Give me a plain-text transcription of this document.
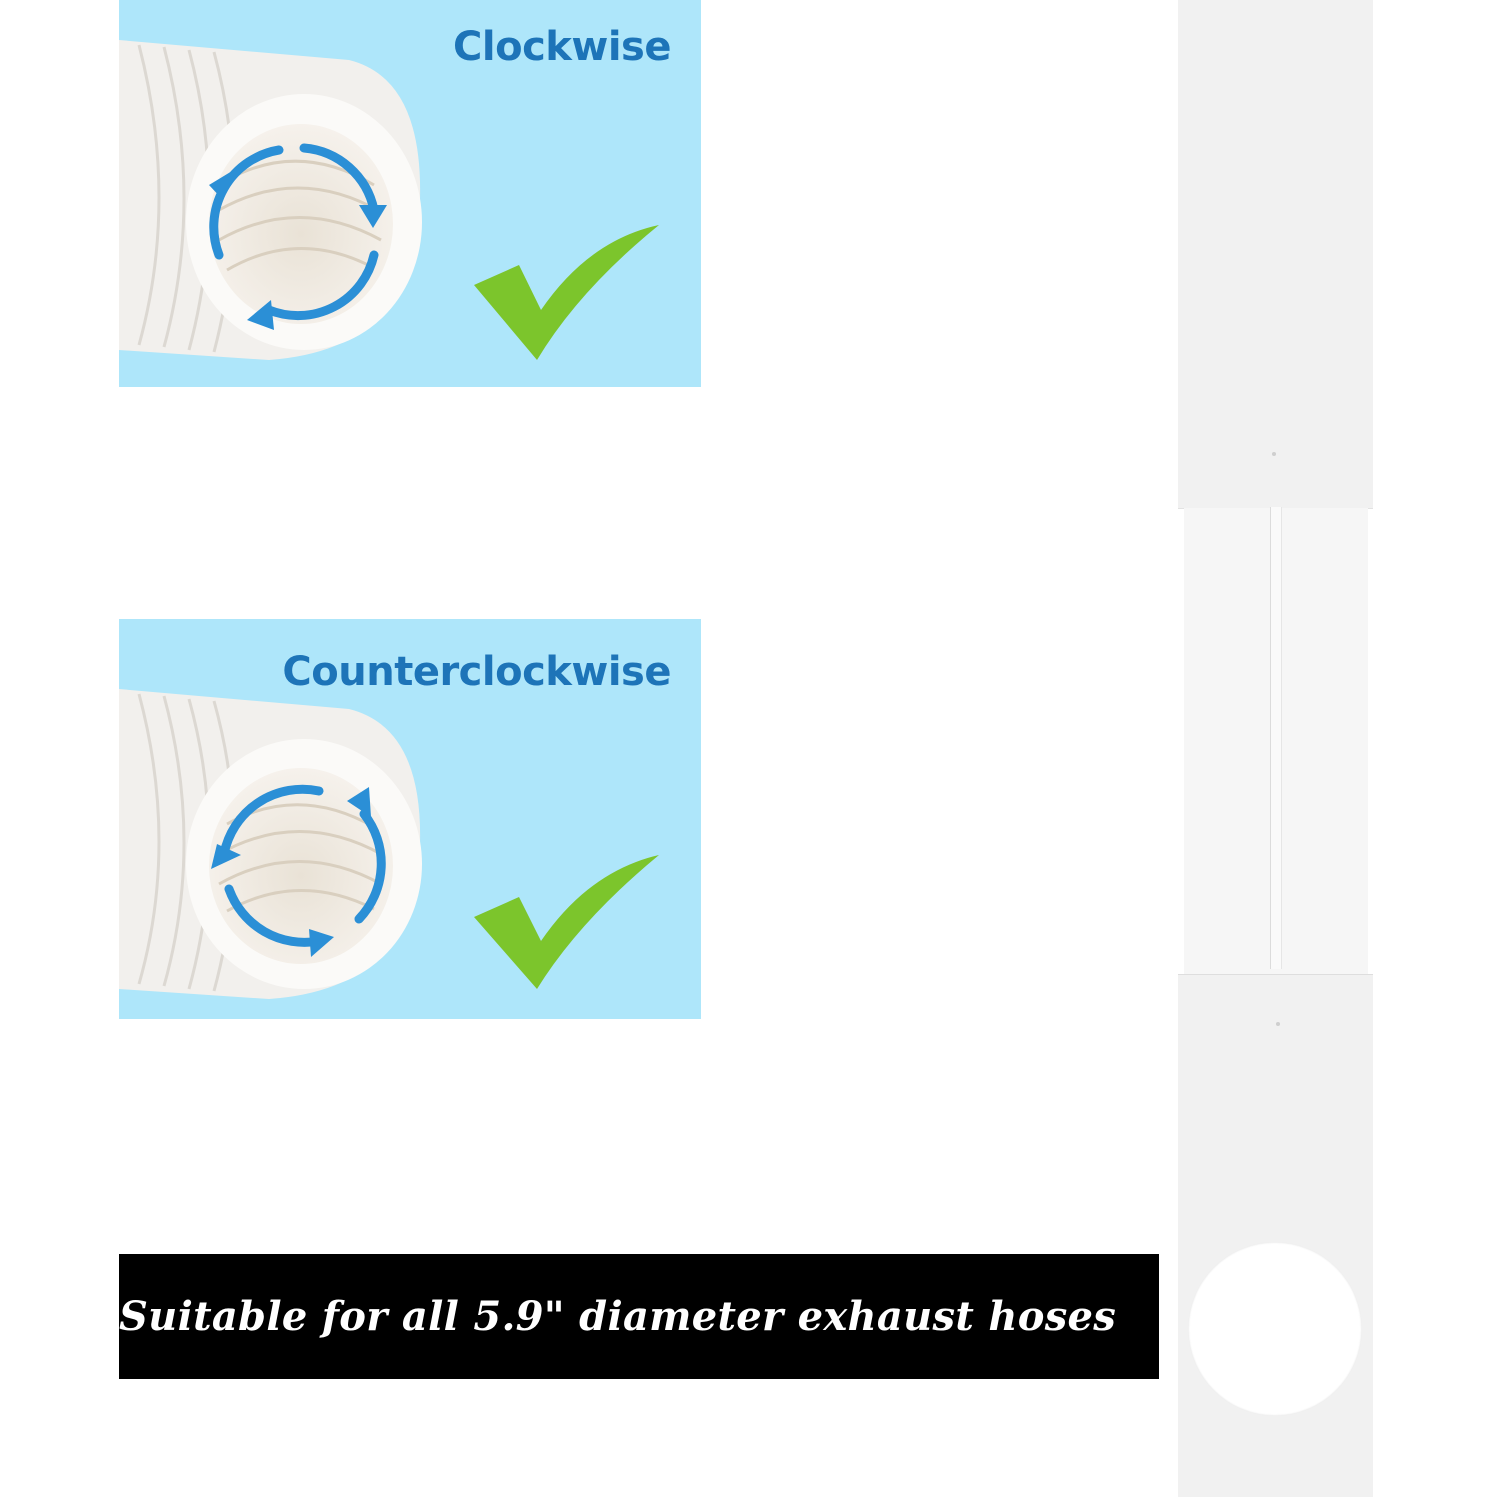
Clockwise
Counterclockwise
Suitable for all 5.9" diameter exhaust hoses
